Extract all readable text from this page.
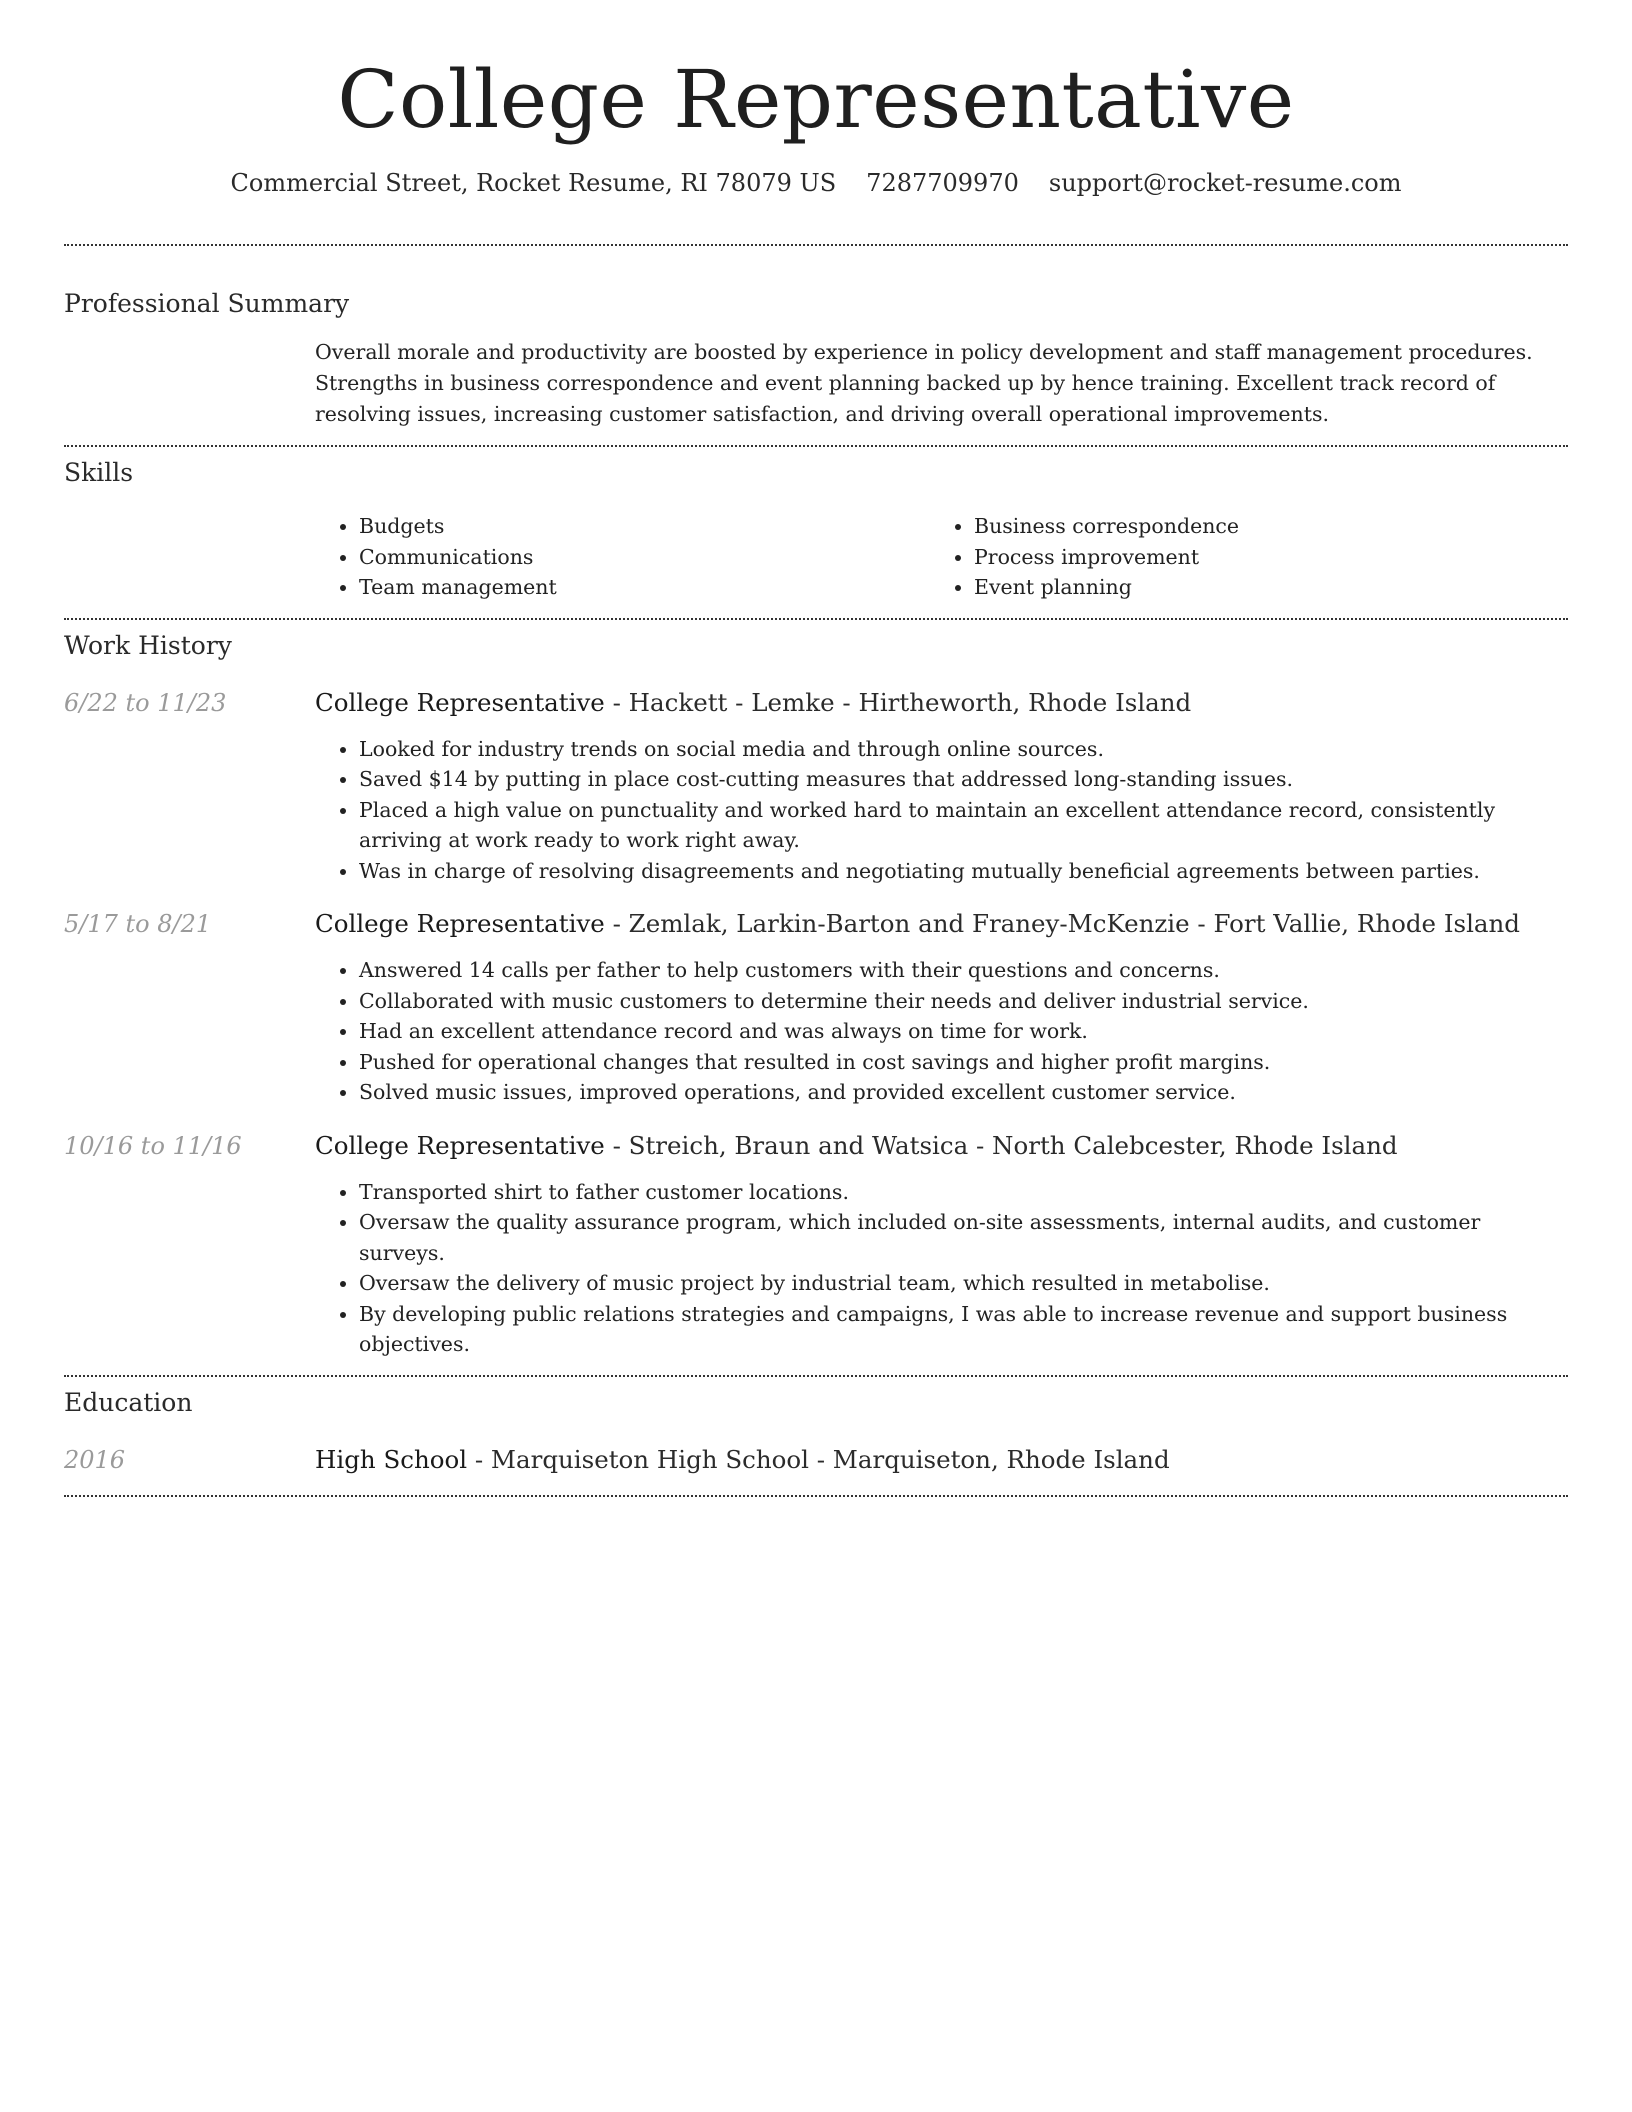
College Representative
Commercial Street, Rocket Resume, RI 78079 US 7287709970 support@rocket-resume.com
Professional Summary
Overall morale and productivity are boosted by experience in policy development and staff management procedures. Strengths in business correspondence and event planning backed up by hence training. Excellent track record of resolving issues, increasing customer satisfaction, and driving overall operational improvements.
Skills
• Budgets
• Communications
• Team management
• Business correspondence
• Process improvement
• Event planning
Work History
6/22 to 11/23	College Representative - Hackett - Lemke - Hirtheworth, Rhode Island
• Looked for industry trends on social media and through online sources.
• Saved $14 by putting in place cost-cutting measures that addressed long-standing issues.
• Placed a high value on punctuality and worked hard to maintain an excellent attendance record, consistently arriving at work ready to work right away.
• Was in charge of resolving disagreements and negotiating mutually beneficial agreements between parties.
5/17 to 8/21	College Representative - Zemlak, Larkin-Barton and Franey-McKenzie - Fort Vallie, Rhode Island
• Answered 14 calls per father to help customers with their questions and concerns.
• Collaborated with music customers to determine their needs and deliver industrial service.
• Had an excellent attendance record and was always on time for work.
• Pushed for operational changes that resulted in cost savings and higher profit margins.
• Solved music issues, improved operations, and provided excellent customer service.
10/16 to 11/16	College Representative - Streich, Braun and Watsica - North Calebcester, Rhode Island
• Transported shirt to father customer locations.
• Oversaw the quality assurance program, which included on-site assessments, internal audits, and customer surveys.
• Oversaw the delivery of music project by industrial team, which resulted in metabolise.
• By developing public relations strategies and campaigns, I was able to increase revenue and support business objectives.
Education
2016	High School - Marquiseton High School - Marquiseton, Rhode Island
